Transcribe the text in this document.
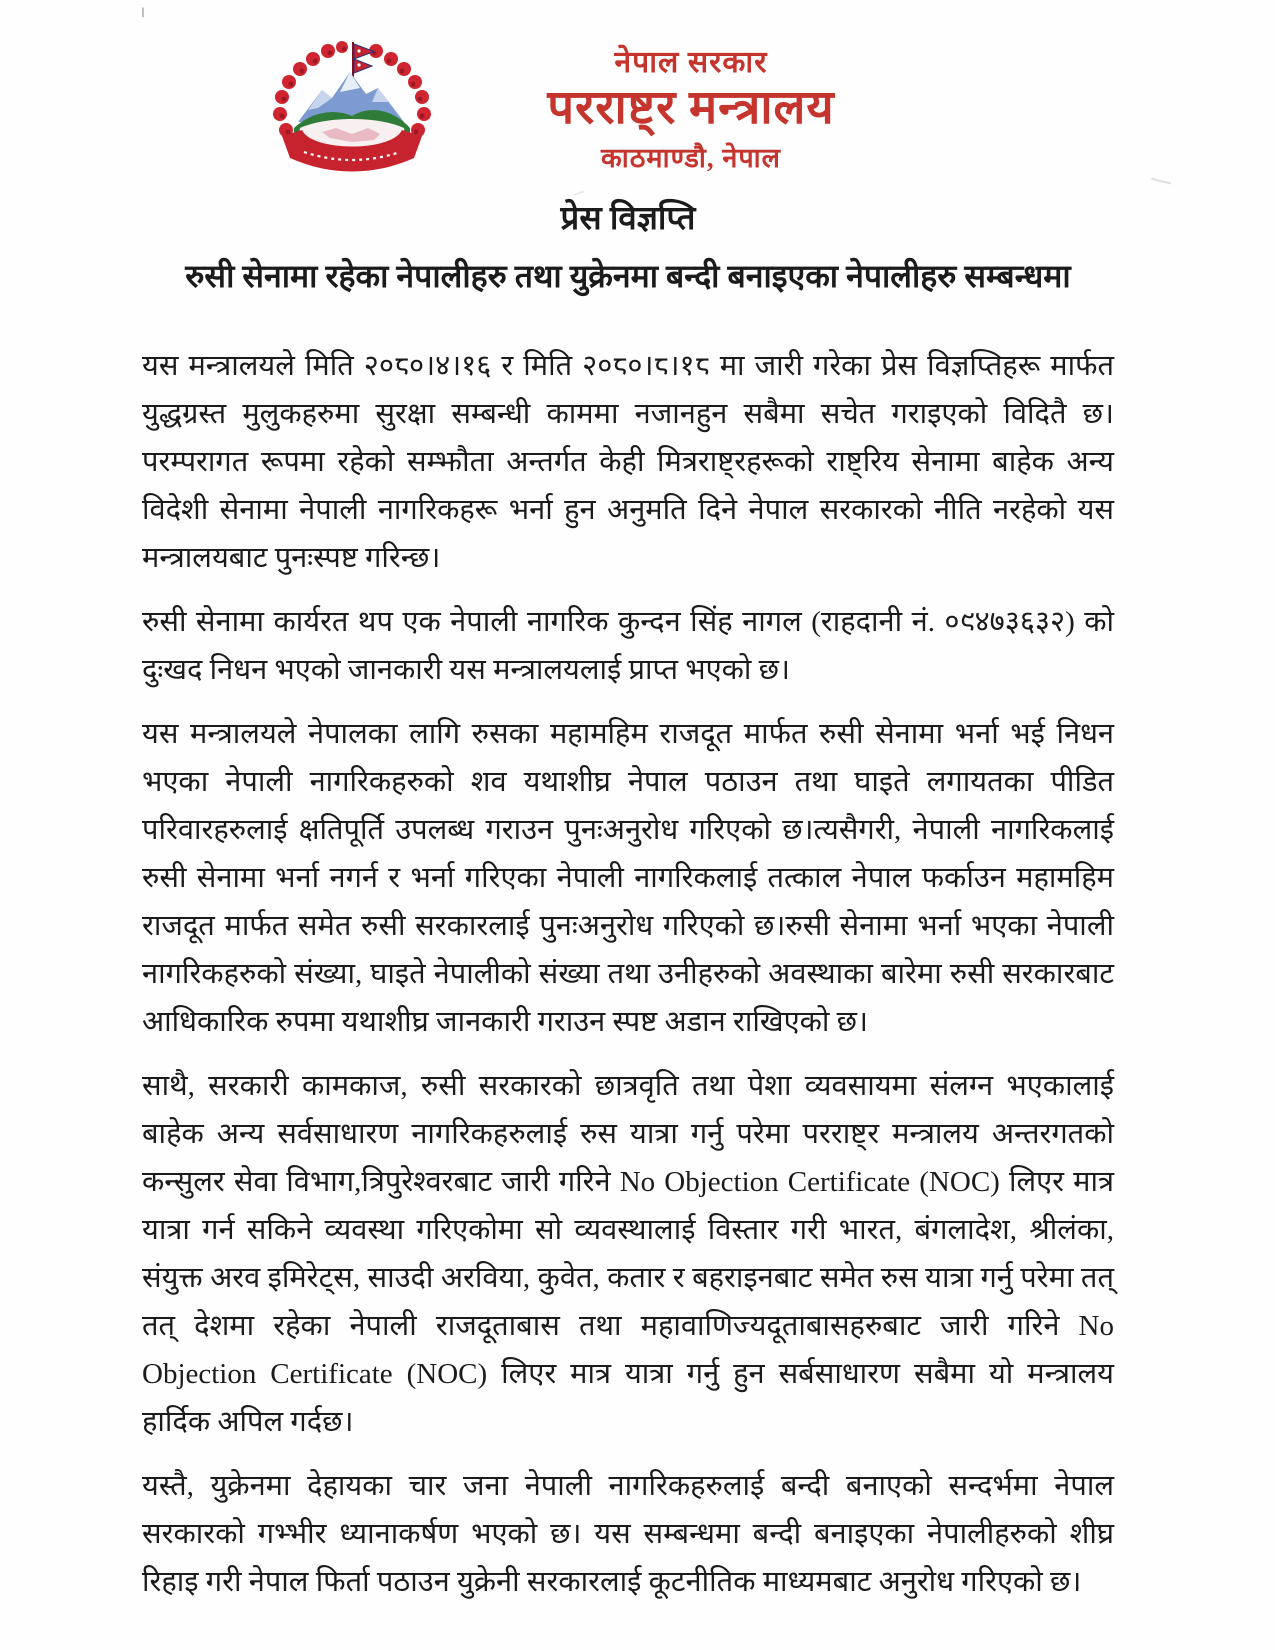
I
नेपाल सरकार
परराष्ट्र मन्त्रालय
काठमाण्डौ, नेपाल
प्रेस विज्ञप्ति
रुसी सेनामा रहेका नेपालीहरु तथा युक्रेनमा बन्दी बनाइएका नेपालीहरु सम्बन्धमा

यस मन्त्रालयले मिति २०८०।४।१६ र मिति २०८०।८।१८ मा जारी गरेका प्रेस विज्ञप्तिहरू मार्फत युद्धग्रस्त मुलुकहरुमा सुरक्षा सम्बन्धी काममा नजानहुन सबैमा सचेत गराइएको विदितै छ।परम्परागत रूपमा रहेको सम्झौता अन्तर्गत केही मित्रराष्ट्रहरूको राष्ट्रिय सेनामा बाहेक अन्य विदेशी सेनामा नेपाली नागरिकहरू भर्ना हुन अनुमति दिने नेपाल सरकारको नीति नरहेको यस मन्त्रालयबाट पुनःस्पष्ट गरिन्छ।

रुसी सेनामा कार्यरत थप एक नेपाली नागरिक कुन्दन सिंह नागल (राहदानी नं. ०९४७३६३२) को दुःखद निधन भएको जानकारी यस मन्त्रालयलाई प्राप्त भएको छ।

यस मन्त्रालयले नेपालका लागि रुसका महामहिम राजदूत मार्फत रुसी सेनामा भर्ना भई निधन भएका नेपाली नागरिकहरुको शव यथाशीघ्र नेपाल पठाउन तथा घाइते लगायतका पीडित परिवारहरुलाई क्षतिपूर्ति उपलब्ध गराउन पुनःअनुरोध गरिएको छ।त्यसैगरी, नेपाली नागरिकलाई रुसी सेनामा भर्ना नगर्न र भर्ना गरिएका नेपाली नागरिकलाई तत्काल नेपाल फर्काउन महामहिम राजदूत मार्फत समेत रुसी सरकारलाई पुनःअनुरोध गरिएको छ।रुसी सेनामा भर्ना भएका नेपाली नागरिकहरुको संख्या, घाइते नेपालीको संख्या तथा उनीहरुको अवस्थाका बारेमा रुसी सरकारबाट आधिकारिक रुपमा यथाशीघ्र जानकारी गराउन स्पष्ट अडान राखिएको छ।

साथै, सरकारी कामकाज, रुसी सरकारको छात्रवृति तथा पेशा व्यवसायमा संलग्न भएकालाई बाहेक अन्य सर्वसाधारण नागरिकहरुलाई रुस यात्रा गर्नु परेमा परराष्ट्र मन्त्रालय अन्तरगतको कन्सुलर सेवा विभाग,त्रिपुरेश्वरबाट जारी गरिने No Objection Certificate (NOC) लिएर मात्र यात्रा गर्न सकिने व्यवस्था गरिएकोमा सो व्यवस्थालाई विस्तार गरी भारत, बंगलादेश, श्रीलंका, संयुक्त अरव इमिरेट्स, साउदी अरविया, कुवेत, कतार र बहराइनबाट समेत रुस यात्रा गर्नु परेमा तत् तत् देशमा रहेका नेपाली राजदूताबास तथा महावाणिज्यदूताबासहरुबाट जारी गरिने No Objection Certificate (NOC) लिएर मात्र यात्रा गर्नु हुन सर्बसाधारण सबैमा यो मन्त्रालय हार्दिक अपिल गर्दछ।

यस्तै, युक्रेनमा देहायका चार जना नेपाली नागरिकहरुलाई बन्दी बनाएको सन्दर्भमा नेपाल सरकारको गभ्भीर ध्यानाकर्षण भएको छ। यस सम्बन्धमा बन्दी बनाइएका नेपालीहरुको शीघ्र रिहाइ गरी नेपाल फिर्ता पठाउन युक्रेनी सरकारलाई कूटनीतिक माध्यमबाट अनुरोध गरिएको छ।
